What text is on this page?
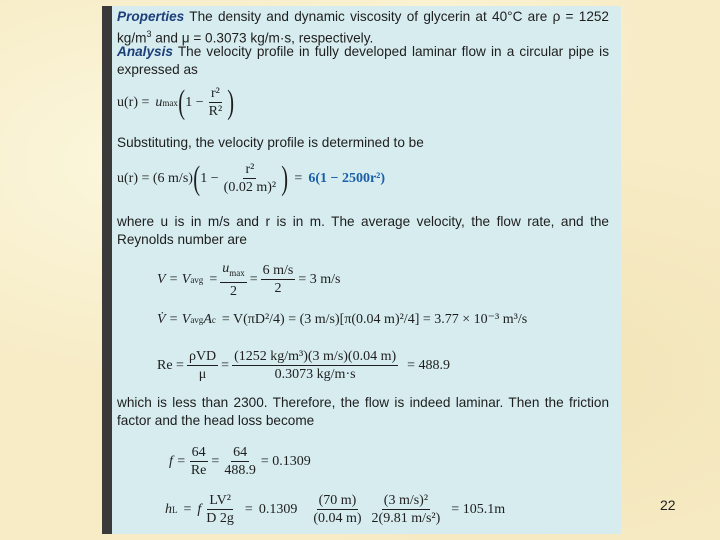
Properties The density and dynamic viscosity of glycerin at 40°C are ρ = 1252 $kg/m^3$ and μ = 0.3073 kg/m·s, respectively.
Analysis The velocity profile in fully developed laminar flow in a circular pipe is expressed as
u(r) = u max ( $1 - \frac{\text{r²}}{\text{R²}}$ )
Substituting, the velocity profile is determined to be
u(r) = (6 m/s) ( $1 - \frac{\text{r²}}{\text{(0.02 m)²}}$ ) = 6(1 − 2500r²)
where u is in m/s and r is in m. The average velocity, the flow rate, and the Reynolds number are
V = V avg = $\frac{u_{max}}{2} = \frac{6 m/s}{2} = 3$ m/s
V̇ = V avg A c = V(πD²/4) = (3 m/s)[π(0.04 m)²/4] = 3.77 × 10⁻³ m³/s
$Re = \frac{\text{ρVD}}{\mu} = \frac{\text{(1252 kg/m³)(3 m/s)(0.04 m)}}{0.3073 kg/m\cdot s} = 488.9$
which is less than 2300. Therefore, the flow is indeed laminar. Then the friction factor and the head loss become
$f = \frac{64}{Re} = \frac{64}{488.9} = 0.1309$
h L = f $\frac{\text{LV²}}{D 2g} = 0.1309 \frac{(70 m)}{(0.04 m)} \frac{\text{(3 m/s)²}}{\text{2(9.81 m/s²)}} = 105.1m$	22
